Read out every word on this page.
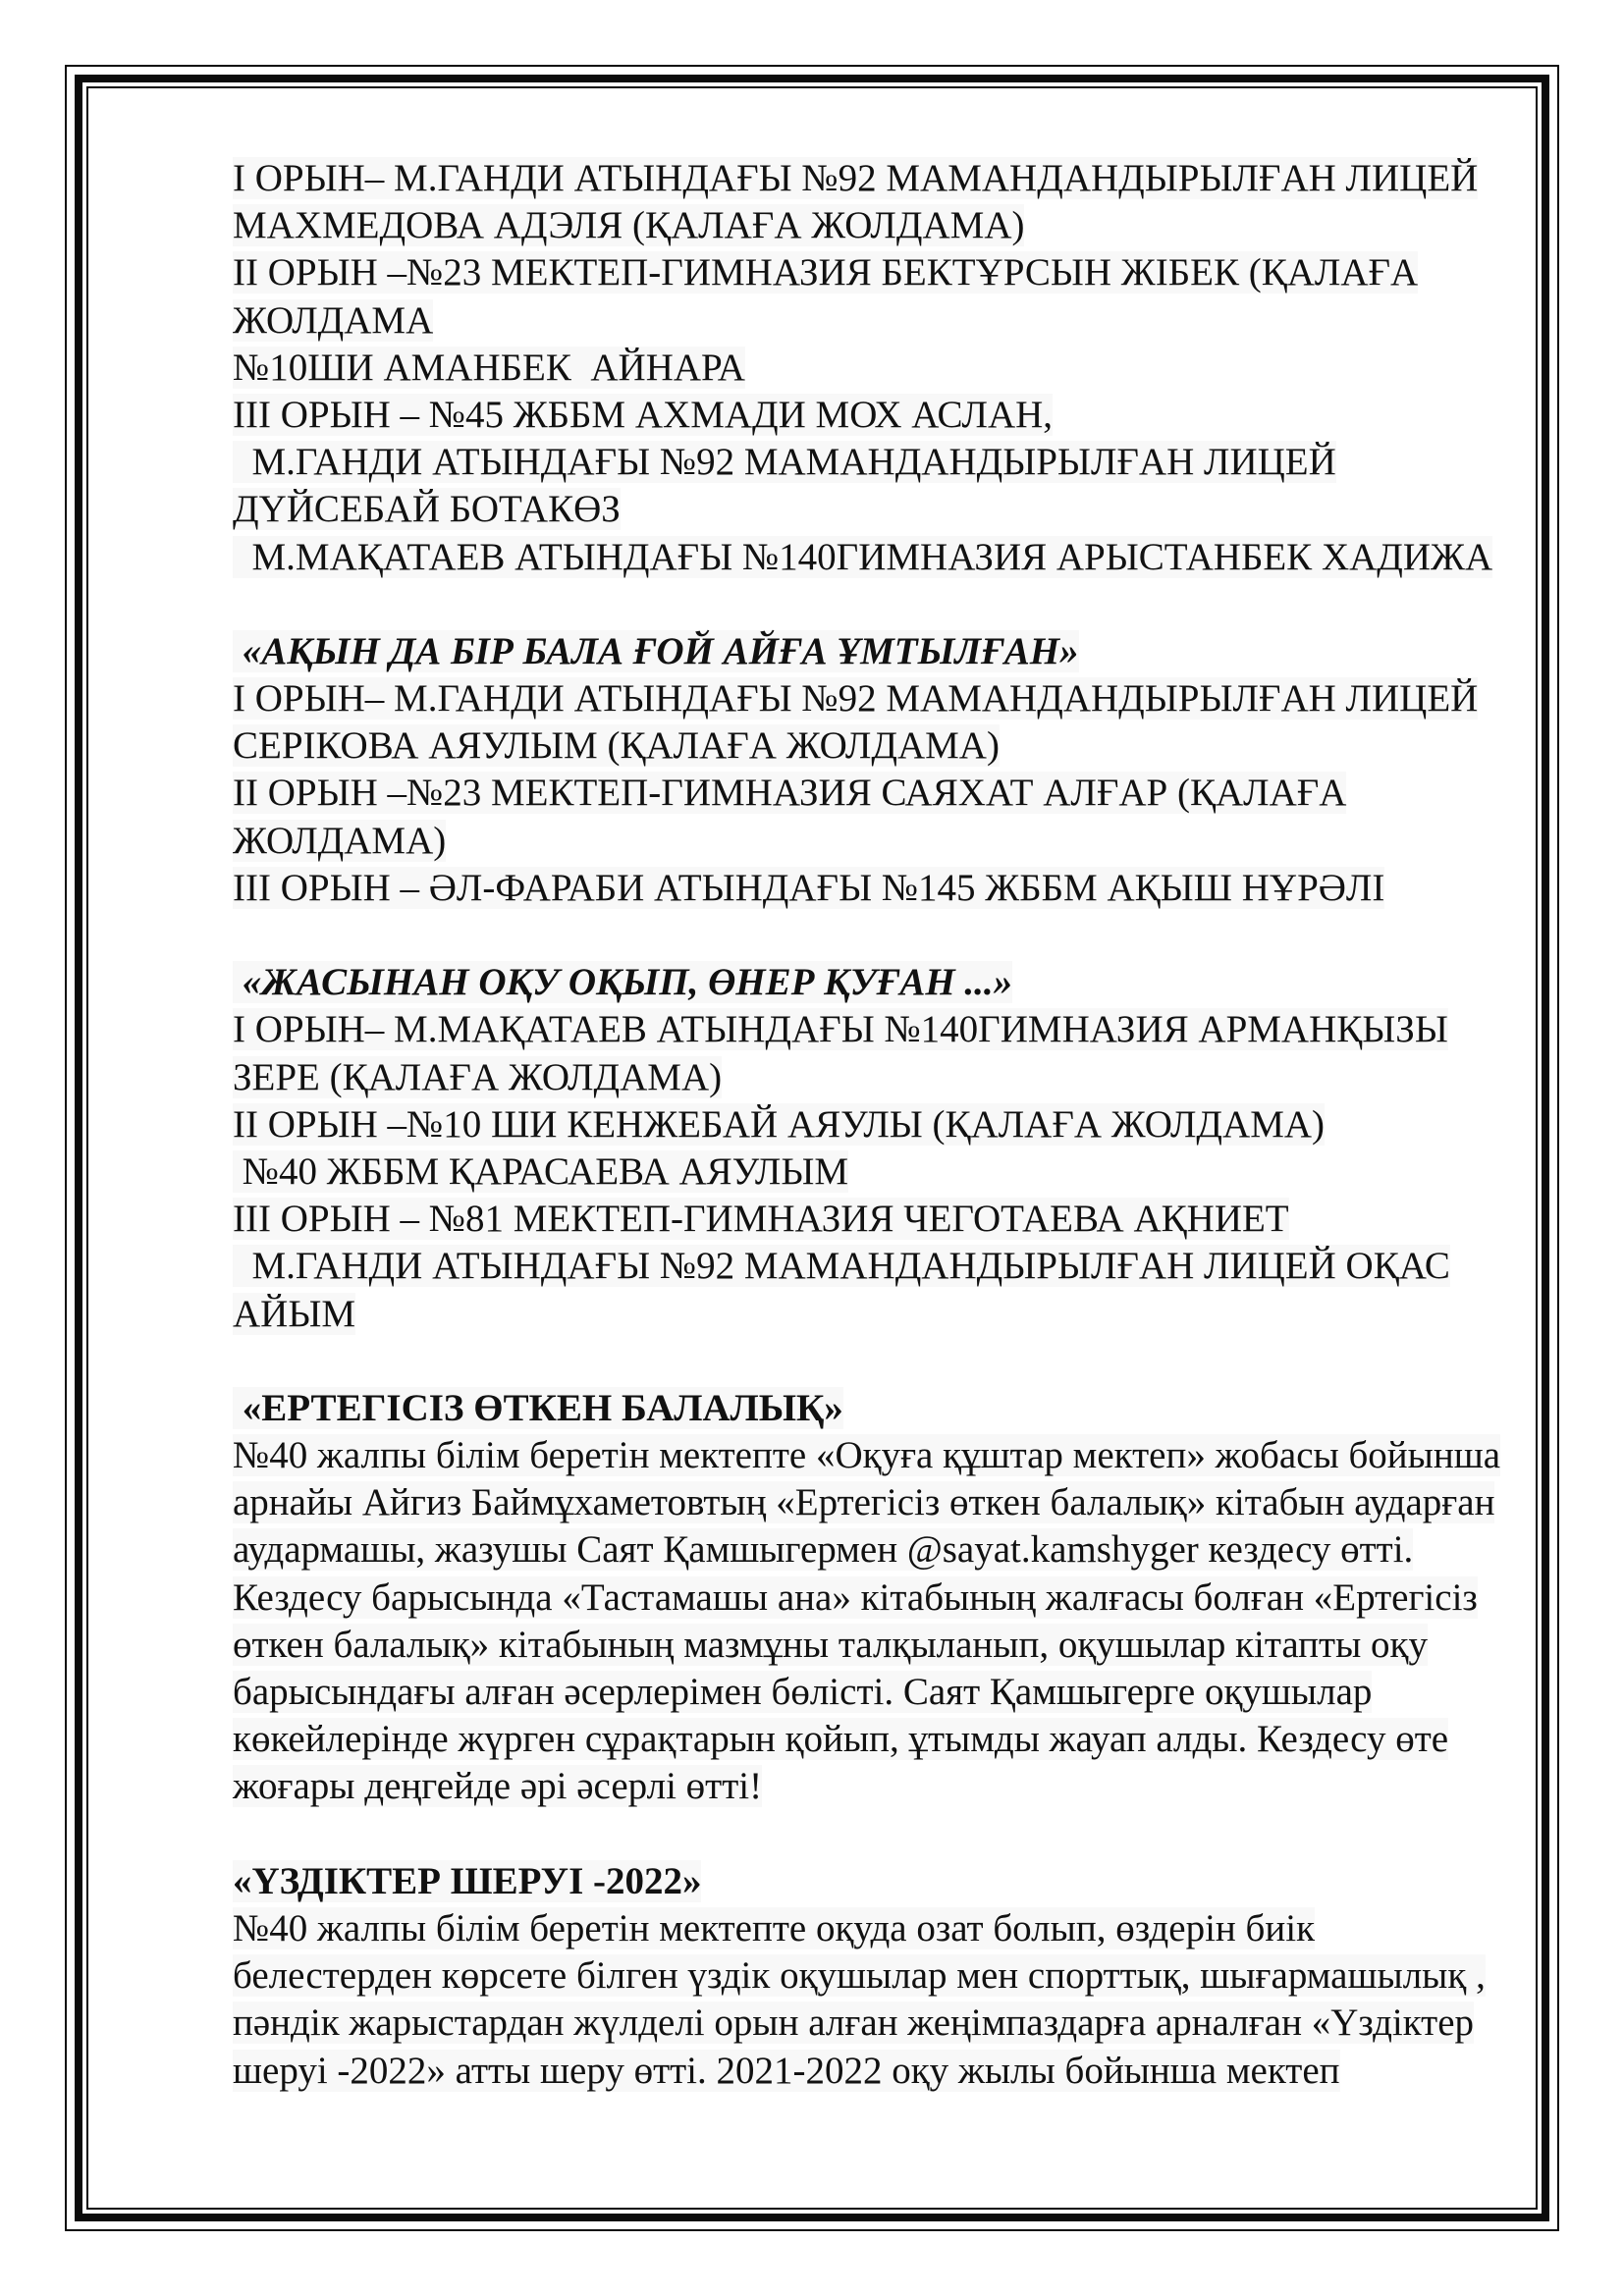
І ОРЫН– М.ГАНДИ АТЫНДАҒЫ №92 МАМАНДАНДЫРЫЛҒАН ЛИЦЕЙ
МАХМЕДОВА АДЭЛЯ (ҚАЛАҒА ЖОЛДАМА)
ІІ ОРЫН –№23 МЕКТЕП-ГИМНАЗИЯ БЕКТҰРСЫН ЖІБЕК (ҚАЛАҒА
ЖОЛДАМА
№10ШИ АМАНБЕК  АЙНАРА
ІІІ ОРЫН – №45 ЖББМ АХМАДИ МОХ АСЛАН,
М.ГАНДИ АТЫНДАҒЫ №92 МАМАНДАНДЫРЫЛҒАН ЛИЦЕЙ
ДҮЙСЕБАЙ БОТАКӨЗ
М.МАҚАТАЕВ АТЫНДАҒЫ №140ГИМНАЗИЯ АРЫСТАНБЕК ХАДИЖА
«АҚЫН ДА БІР БАЛА ҒОЙ АЙҒА ҰМТЫЛҒАН»
І ОРЫН– М.ГАНДИ АТЫНДАҒЫ №92 МАМАНДАНДЫРЫЛҒАН ЛИЦЕЙ
СЕРІКОВА АЯУЛЫМ (ҚАЛАҒА ЖОЛДАМА)
ІІ ОРЫН –№23 МЕКТЕП-ГИМНАЗИЯ САЯХАТ АЛҒАР (ҚАЛАҒА
ЖОЛДАМА)
ІІІ ОРЫН – ӘЛ-ФАРАБИ АТЫНДАҒЫ №145 ЖББМ АҚЫШ НҰРӘЛІ
«ЖАСЫНАН ОҚУ ОҚЫП, ӨНЕР ҚУҒАН ...»
І ОРЫН– М.МАҚАТАЕВ АТЫНДАҒЫ №140ГИМНАЗИЯ АРМАНҚЫЗЫ
ЗЕРЕ (ҚАЛАҒА ЖОЛДАМА)
ІІ ОРЫН –№10 ШИ КЕНЖЕБАЙ АЯУЛЫ (ҚАЛАҒА ЖОЛДАМА)
№40 ЖББМ ҚАРАСАЕВА АЯУЛЫМ
ІІІ ОРЫН – №81 МЕКТЕП-ГИМНАЗИЯ ЧЕГОТАЕВА АҚНИЕТ
М.ГАНДИ АТЫНДАҒЫ №92 МАМАНДАНДЫРЫЛҒАН ЛИЦЕЙ ОҚАС
АЙЫМ
«ЕРТЕГІСІЗ ӨТКЕН БАЛАЛЫҚ»
№40 жалпы білім беретін мектепте «Оқуға құштар мектеп» жобасы бойынша
арнайы Айгиз Баймұхаметовтың «Ертегісіз өткен балалық» кітабын аударған
аудармашы, жазушы Саят Қамшыгермен @sayat.kamshyger кездесу өтті.
Кездесу барысында «Тастамашы ана» кітабының жалғасы болған «Ертегісіз
өткен балалық» кітабының мазмұны талқыланып, оқушылар кітапты оқу
барысындағы алған әсерлерімен бөлісті. Саят Қамшыгерге оқушылар
көкейлерінде жүрген сұрақтарын қойып, ұтымды жауап алды. Кездесу өте
жоғары деңгейде әрі әсерлі өтті!
«ҮЗДІКТЕР ШЕРУІ -2022»
№40 жалпы білім беретін мектепте оқуда озат болып, өздерін биік
белестерден көрсете білген үздік оқушылар мен спорттық, шығармашылық ,
пәндік жарыстардан жүлделі орын алған жеңімпаздарға арналған «Үздіктер
шеруі -2022» атты шеру өтті. 2021-2022 оқу жылы бойынша мектеп
